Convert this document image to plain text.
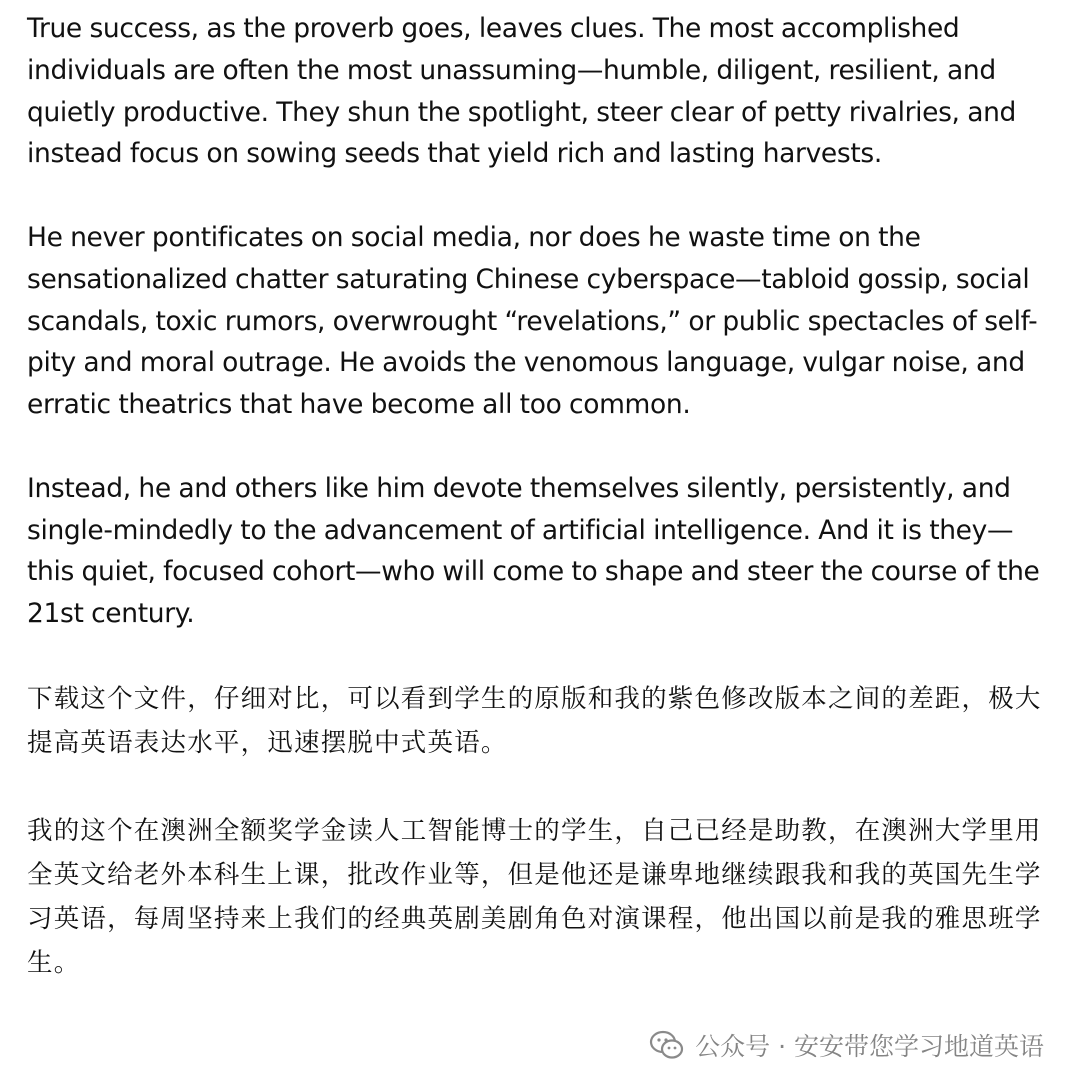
True success, as the proverb goes, leaves clues. The most accomplished individuals are often the most unassuming—humble, diligent, resilient, and quietly productive. They shun the spotlight, steer clear of petty rivalries, and instead focus on sowing seeds that yield rich and lasting harvests.

He never pontificates on social media, nor does he waste time on the sensationalized chatter saturating Chinese cyberspace—tabloid gossip, social scandals, toxic rumors, overwrought “revelations,” or public spectacles of self-pity and moral outrage. He avoids the venomous language, vulgar noise, and erratic theatrics that have become all too common.

Instead, he and others like him devote themselves silently, persistently, and single-mindedly to the advancement of artificial intelligence. And it is they—this quiet, focused cohort—who will come to shape and steer the course of the 21st century.

下载这个文件，仔细对比，可以看到学生的原版和我的紫色修改版本之间的差距，极大提高英语表达水平，迅速摆脱中式英语。

我的这个在澳洲全额奖学金读人工智能博士的学生，自己已经是助教，在澳洲大学里用全英文给老外本科生上课，批改作业等，但是他还是谦卑地继续跟我和我的英国先生学习英语，每周坚持来上我们的经典英剧美剧角色对演课程，他出国以前是我的雅思班学生。

公众号 · 安安带您学习地道英语
